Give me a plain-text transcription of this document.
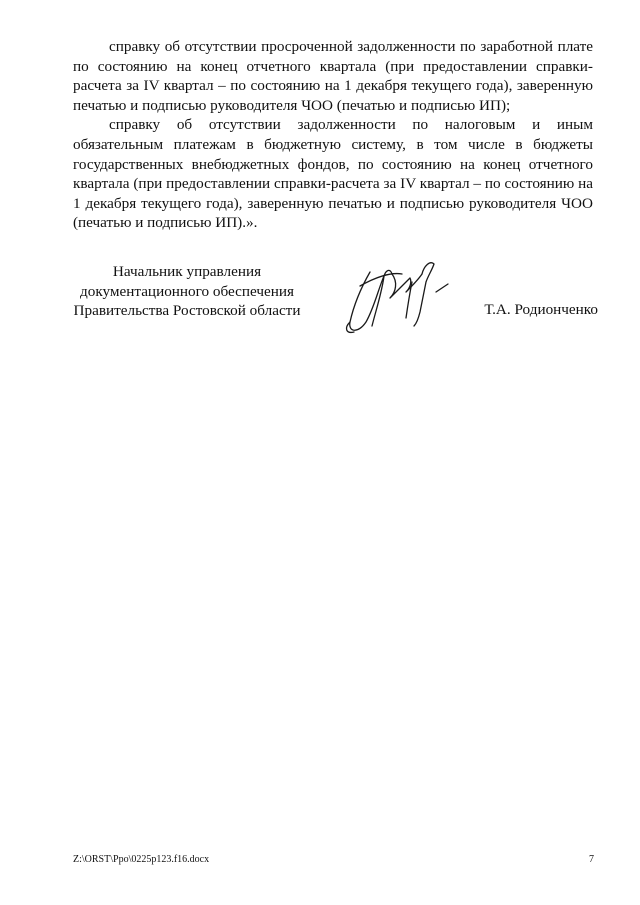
справку об отсутствии просроченной задолженности по заработной плате по состоянию на конец отчетного квартала (при предоставлении справки-расчета за IV квартал – по состоянию на 1 декабря текущего года), заверенную печатью и подписью руководителя ЧОО (печатью и подписью ИП);

справку об отсутствии задолженности по налоговым и иным обязательным платежам в бюджетную систему, в том числе в бюджеты государственных внебюджетных фондов, по состоянию на конец отчетного квартала (при предоставлении справки-расчета за IV квартал – по состоянию на 1 декабря текущего года), заверенную печатью и подписью руководителя ЧОО (печатью и подписью ИП).».

Начальник управления
документационного обеспечения
Правительства Ростовской области	Т.А. Родионченко
Z:\ORST\Ppo\0225p123.f16.docx	7
